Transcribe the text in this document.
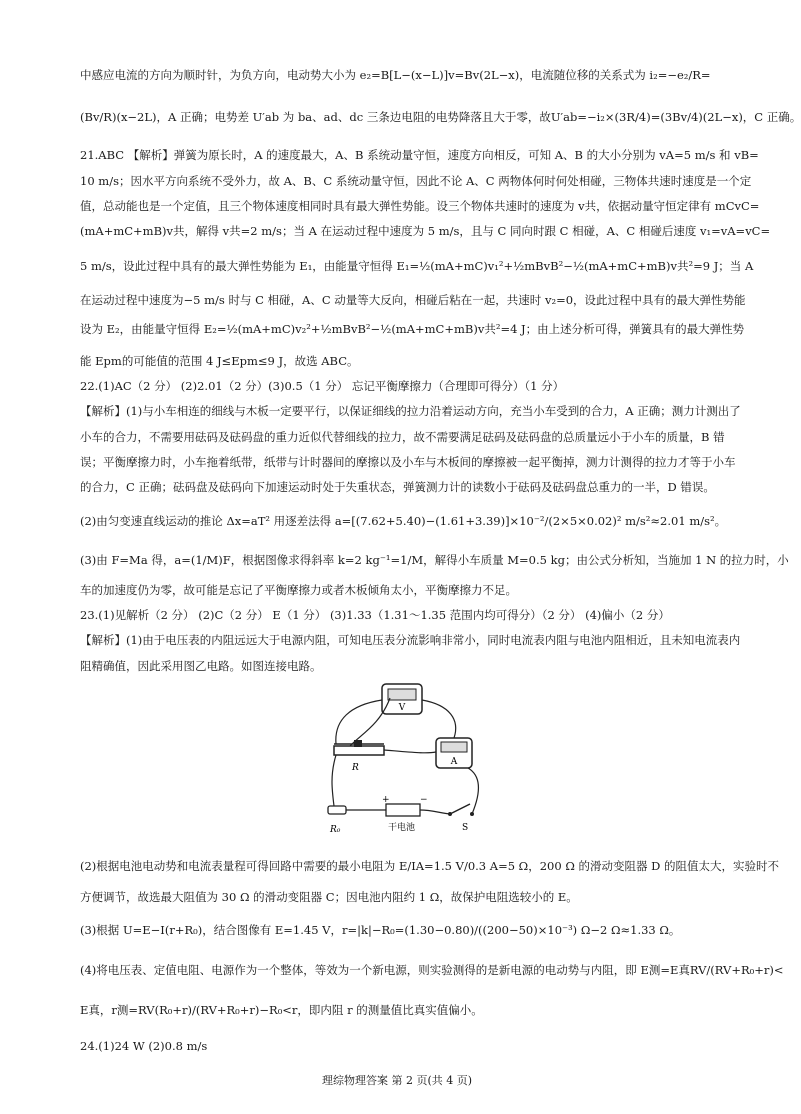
中感应电流的方向为顺时针，为负方向，电动势大小为 e₂=B[L−(x−L)]v=Bv(2L−x)，电流随位移的关系式为 i₂=−e₂/R=
(Bv/R)(x−2L)，A 正确；电势差 U′ab 为 ba、ad、dc 三条边电阻的电势降落且大于零，故U′ab=−i₂×(3R/4)=(3Bv/4)(2L−x)，C 正确。
21.ABC 【解析】弹簧为原长时，A 的速度最大，A、B 系统动量守恒，速度方向相反，可知 A、B 的大小分别为 vA=5 m/s 和 vB=
10 m/s；因水平方向系统不受外力，故 A、B、C 系统动量守恒，因此不论 A、C 两物体何时何处相碰，三物体共速时速度是一个定
值，总动能也是一个定值，且三个物体速度相同时具有最大弹性势能。设三个物体共速时的速度为 v共，依据动量守恒定律有 mCvC=
(mA+mC+mB)v共，解得 v共=2 m/s；当 A 在运动过程中速度为 5 m/s，且与 C 同向时跟 C 相碰，A、C 相碰后速度 v₁=vA=vC=
5 m/s，设此过程中具有的最大弹性势能为 E₁，由能量守恒得 E₁=½(mA+mC)v₁²+½mBvB²−½(mA+mC+mB)v共²=9 J；当 A
在运动过程中速度为−5 m/s 时与 C 相碰，A、C 动量等大反向，相碰后粘在一起，共速时 v₂=0，设此过程中具有的最大弹性势能
设为 E₂，由能量守恒得 E₂=½(mA+mC)v₂²+½mBvB²−½(mA+mC+mB)v共²=4 J；由上述分析可得，弹簧具有的最大弹性势
能 Epm的可能值的范围 4 J≤Epm≤9 J，故选 ABC。
22.(1)AC（2 分） (2)2.01（2 分）(3)0.5（1 分） 忘记平衡摩擦力（合理即可得分）（1 分）
【解析】(1)与小车相连的细线与木板一定要平行，以保证细线的拉力沿着运动方向，充当小车受到的合力，A 正确；测力计测出了
小车的合力，不需要用砝码及砝码盘的重力近似代替细线的拉力，故不需要满足砝码及砝码盘的总质量远小于小车的质量，B 错
误；平衡摩擦力时，小车拖着纸带，纸带与计时器间的摩擦以及小车与木板间的摩擦被一起平衡掉，测力计测得的拉力才等于小车
的合力，C 正确；砝码盘及砝码向下加速运动时处于失重状态，弹簧测力计的读数小于砝码及砝码盘总重力的一半，D 错误。
(2)由匀变速直线运动的推论 Δx=aT² 用逐差法得 a=[(7.62+5.40)−(1.61+3.39)]×10⁻²/(2×5×0.02)² m/s²≈2.01 m/s²。
(3)由 F=Ma 得，a=(1/M)F，根据图像求得斜率 k=2 kg⁻¹=1/M，解得小车质量 M=0.5 kg；由公式分析知，当施加 1 N 的拉力时，小
车的加速度仍为零，故可能是忘记了平衡摩擦力或者木板倾角太小，平衡摩擦力不足。
23.(1)见解析（2 分） (2)C（2 分） E（1 分） (3)1.33（1.31～1.35 范围内均可得分）（2 分） (4)偏小（2 分）
【解析】(1)由于电压表的内阻远远大于电源内阻，可知电压表分流影响非常小，同时电流表内阻与电池内阻相近，且未知电流表内
阻精确值，因此采用图乙电路。如图连接电路。
(2)根据电池电动势和电流表量程可得回路中需要的最小电阻为 E/IA=1.5 V/0.3 A=5 Ω，200 Ω 的滑动变阻器 D 的阻值太大，实验时不
方便调节，故选最大阻值为 30 Ω 的滑动变阻器 C；因电池内阻约 1 Ω，故保护电阻选较小的 E。
(3)根据 U=E−I(r+R₀)，结合图像有 E=1.45 V，r=|k|−R₀=(1.30−0.80)/((200−50)×10⁻³) Ω−2 Ω≈1.33 Ω。
(4)将电压表、定值电阻、电源作为一个整体，等效为一个新电源，则实验测得的是新电源的电动势与内阻，即 E测=E真RV/(RV+R₀+r)<
E真，r测=RV(R₀+r)/(RV+R₀+r)−R₀<r，即内阻 r 的测量值比真实值偏小。
24.(1)24 W (2)0.8 m/s
V
A
R
R₀
+	−
干电池	S
理综物理答案 第 2 页(共 4 页)
